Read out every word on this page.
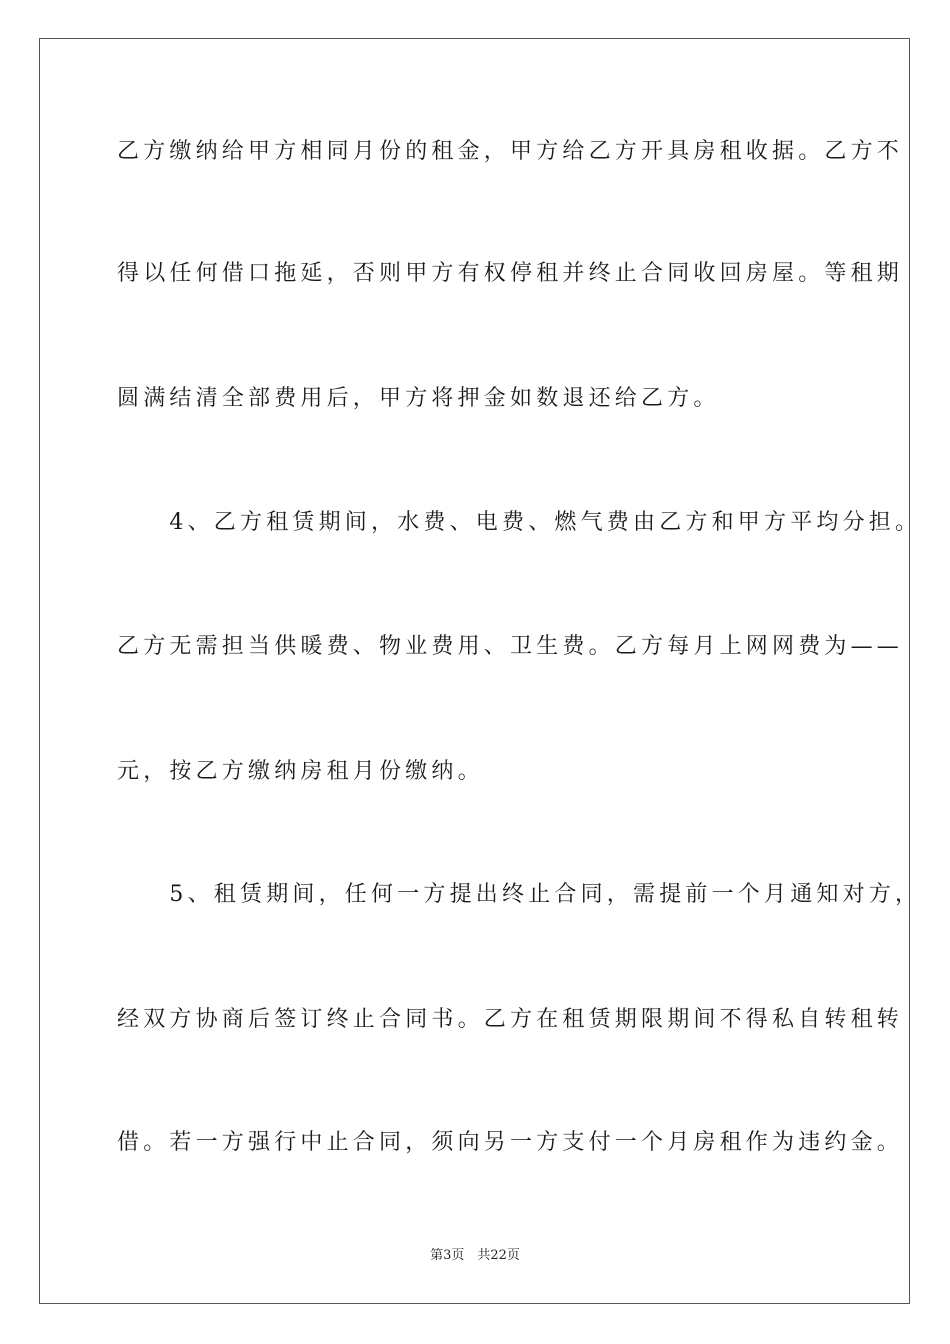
乙方缴纳给甲方相同月份的租金，甲方给乙方开具房租收据。乙方不
得以任何借口拖延，否则甲方有权停租并终止合同收回房屋。等租期
圆满结清全部费用后，甲方将押金如数退还给乙方。
　　4、乙方租赁期间，水费、电费、燃气费由乙方和甲方平均分担。
乙方无需担当供暖费、物业费用、卫生费。乙方每月上网网费为——
元，按乙方缴纳房租月份缴纳。
　　5、租赁期间，任何一方提出终止合同，需提前一个月通知对方，
经双方协商后签订终止合同书。乙方在租赁期限期间不得私自转租转
借。若一方强行中止合同，须向另一方支付一个月房租作为违约金。
第3页　共22页
